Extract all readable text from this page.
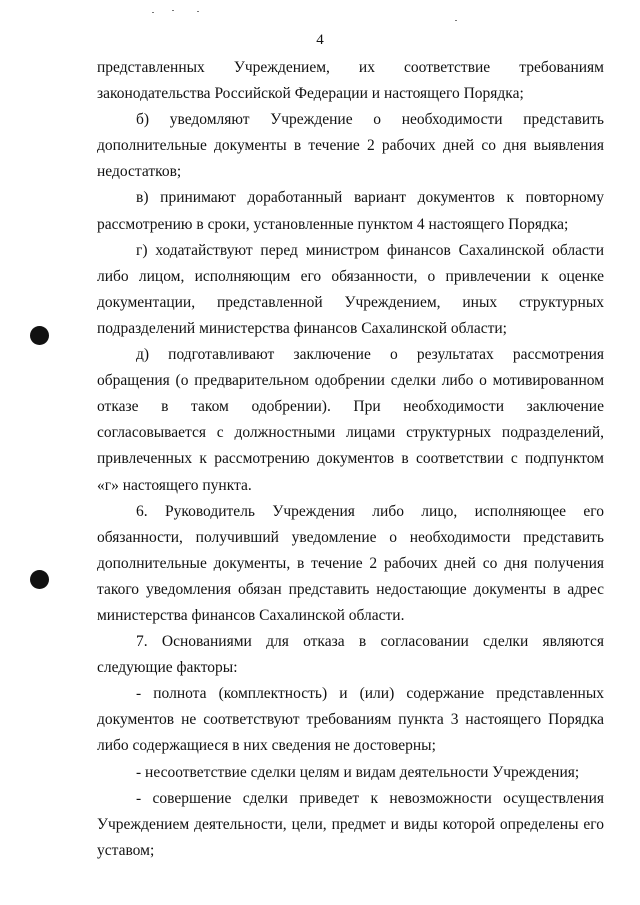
4

представленных Учреждением, их соответствие требованиям законодательства Российской Федерации и настоящего Порядка;

б) уведомляют Учреждение о необходимости представить дополнительные документы в течение 2 рабочих дней со дня выявления недостатков;

в) принимают доработанный вариант документов к повторному рассмотрению в сроки, установленные пунктом 4 настоящего Порядка;

г) ходатайствуют перед министром финансов Сахалинской области либо лицом, исполняющим его обязанности, о привлечении к оценке документации, представленной Учреждением, иных структурных подразделений министерства финансов Сахалинской области;

д) подготавливают заключение о результатах рассмотрения обращения (о предварительном одобрении сделки либо о мотивированном отказе в таком одобрении). При необходимости заключение согласовывается с должностными лицами структурных подразделений, привлеченных к рассмотрению документов в соответствии с подпунктом «г» настоящего пункта.

6. Руководитель Учреждения либо лицо, исполняющее его обязанности, получивший уведомление о необходимости представить дополнительные документы, в течение 2 рабочих дней со дня получения такого уведомления обязан представить недостающие документы в адрес министерства финансов Сахалинской области.

7. Основаниями для отказа в согласовании сделки являются следующие факторы:

- полнота (комплектность) и (или) содержание представленных документов не соответствуют требованиям пункта 3 настоящего Порядка либо содержащиеся в них сведения не достоверны;

- несоответствие сделки целям и видам деятельности Учреждения;

- совершение сделки приведет к невозможности осуществления Учреждением деятельности, цели, предмет и виды которой определены его уставом;
